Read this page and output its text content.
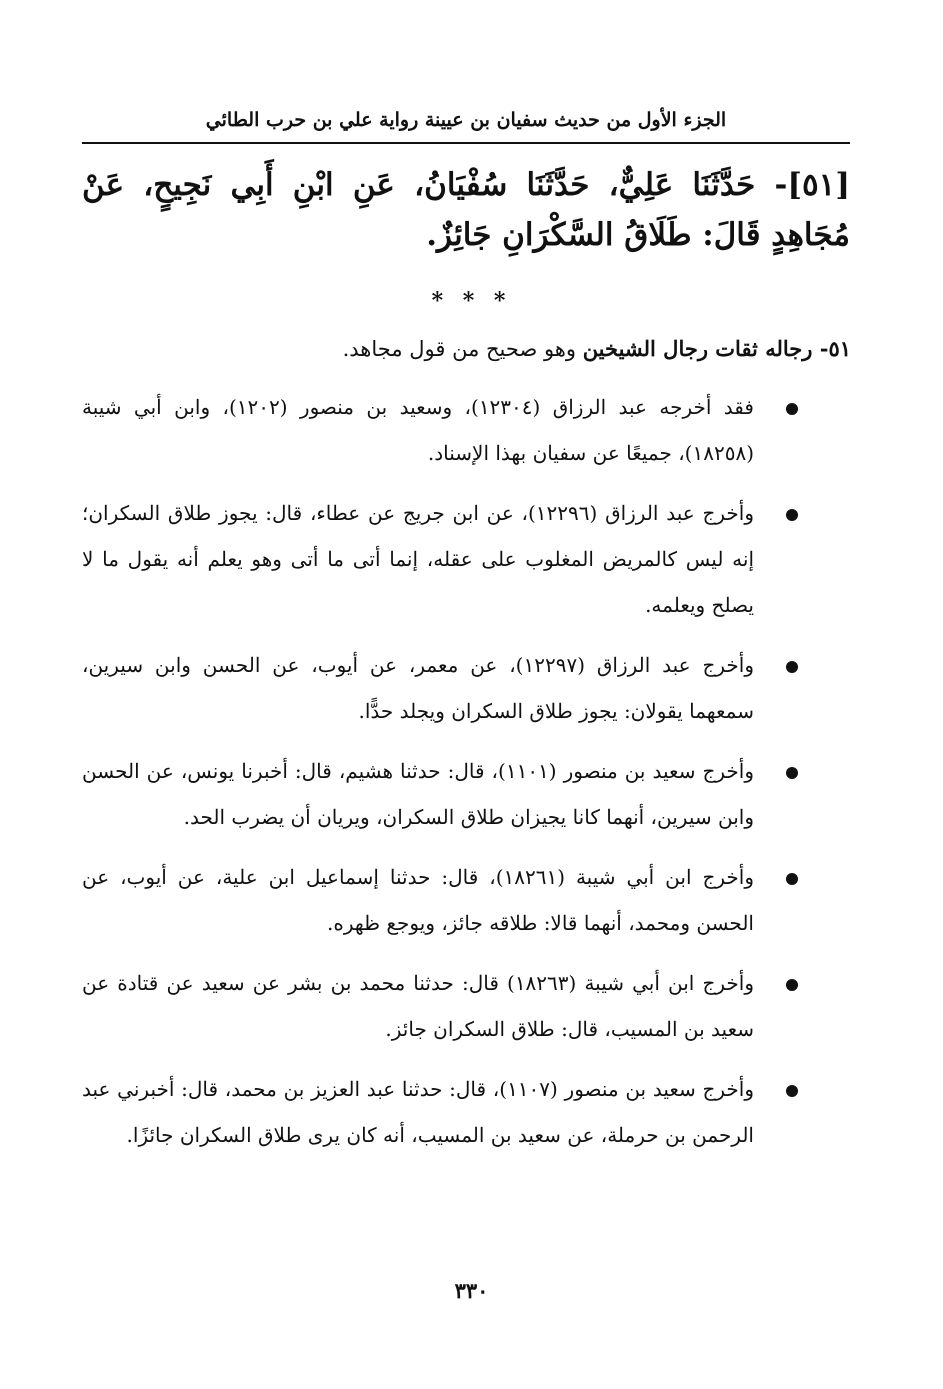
الجزء الأول من حديث سفيان بن عيينة رواية علي بن حرب الطائي
[٥١]- حَدَّثَنَا عَلِيٌّ، حَدَّثَنَا سُفْيَانُ، عَنِ ابْنِ أَبِي نَجِيحٍ، عَنْ مُجَاهِدٍ قَالَ: طَلَاقُ السَّكْرَانِ جَائِزٌ.
* * *
٥١- رجاله ثقات رجال الشيخين وهو صحيح من قول مجاهد.
فقد أخرجه عبد الرزاق (١٢٣٠٤)، وسعيد بن منصور (١٢٠٢)، وابن أبي شيبة (١٨٢٥٨)، جميعًا عن سفيان بهذا الإسناد.
وأخرج عبد الرزاق (١٢٢٩٦)، عن ابن جريج عن عطاء، قال: يجوز طلاق السكران؛ إنه ليس كالمريض المغلوب على عقله، إنما أتى ما أتى وهو يعلم أنه يقول ما لا يصلح ويعلمه.
وأخرج عبد الرزاق (١٢٢٩٧)، عن معمر، عن أيوب، عن الحسن وابن سيرين، سمعهما يقولان: يجوز طلاق السكران ويجلد حدًّا.
وأخرج سعيد بن منصور (١١٠١)، قال: حدثنا هشيم، قال: أخبرنا يونس، عن الحسن وابن سيرين، أنهما كانا يجيزان طلاق السكران، ويريان أن يضرب الحد.
وأخرج ابن أبي شيبة (١٨٢٦١)، قال: حدثنا إسماعيل ابن علية، عن أيوب، عن الحسن ومحمد، أنهما قالا: طلاقه جائز، ويوجع ظهره.
وأخرج ابن أبي شيبة (١٨٢٦٣) قال: حدثنا محمد بن بشر عن سعيد عن قتادة عن سعيد بن المسيب، قال: طلاق السكران جائز.
وأخرج سعيد بن منصور (١١٠٧)، قال: حدثنا عبد العزيز بن محمد، قال: أخبرني عبد الرحمن بن حرملة، عن سعيد بن المسيب، أنه كان يرى طلاق السكران جائزًا.
٣٣٠
